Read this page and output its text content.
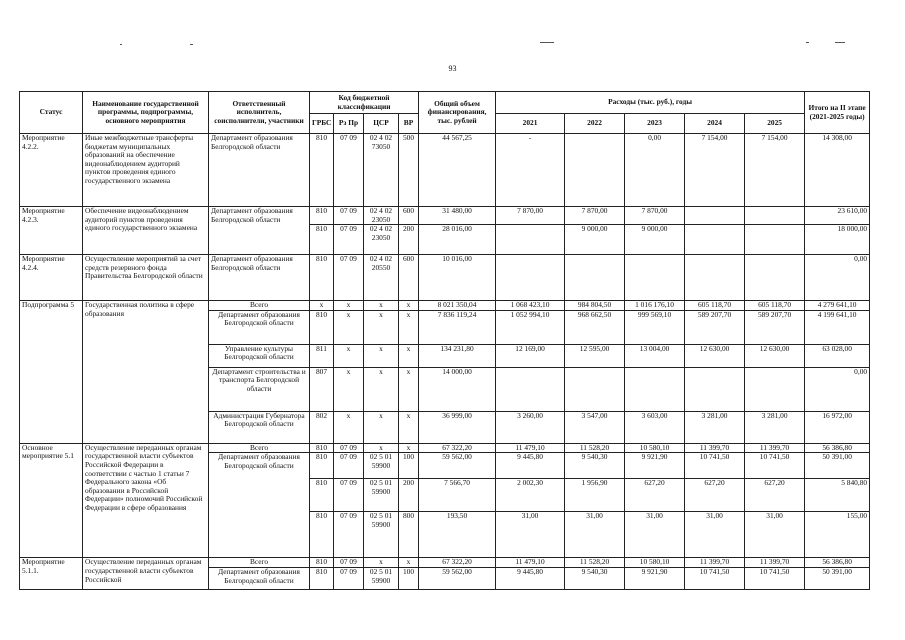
93
Статус	Наименование государственной программы, подпрограммы, основного мероприятия	Ответственный исполнитель, соисполнители, участники	Код бюджетной классификации				Общий объем финансирования, тыс. рублей	Расходы (тыс. руб.), годы					Итого на II этапе (2021-2025 годы)
			ГРБС	Рз Пр	ЦСР	ВР		2021	2022	2023	2024	2025	
Мероприятие 4.2.2.	Иные межбюджетные трансферты бюджетам муниципальных образований на обеспечение видеонаблюдением аудиторий пунктов проведения единого государственного экзамена	Департамент образования Белгородской области	810	07 09	02 4 02 73050	500	44 567,25	-		0,00	7 154,00	7 154,00	14 308,00
Мероприятие 4.2.3.	Обеспечение видеонаблюдением аудиторий пунктов проведения единого государственного экзамена	Департамент образования Белгородской области	810	07 09	02 4 02 23050	600	31 480,00	7 870,00	7 870,00	7 870,00			23 610,00
			810	07 09	02 4 02 23050	200	28 016,00		9 000,00	9 000,00			18 000,00
Мероприятие 4.2.4.	Осуществление мероприятий за счет средств резервного фонда Правительства Белгородской области	Департамент образования Белгородской области	810	07 09	02 4 02 20550	600	10 016,00						0,00
Подпрограмма 5	Государственная политика в сфере образования	Всего	x	x	x	x	8 021 350,04	1 068 423,10	984 804,50	1 016 176,10	605 118,70	605 118,70	4 279 641,10
		Департамент образования Белгородской области	810	x	x	x	7 836 119,24	1 052 994,10	968 662,50	999 569,10	589 207,70	589 207,70	4 199 641,10
		Управление культуры Белгородской области	811	x	x	x	134 231,80	12 169,00	12 595,00	13 004,00	12 630,00	12 630,00	63 028,00
		Департамент строительства и транспорта Белгородской области	807	x	x	x	14 000,00						0,00
		Администрация Губернатора Белгородской области	802	x	x	x	36 999,00	3 260,00	3 547,00	3 603,00	3 281,00	3 281,00	16 972,00
Основное мероприятие 5.1	Осуществление переданных органам государственной власти субъектов Российской Федерации в соответствии с частью 1 статьи 7 Федерального закона «Об образовании в Российской Федерации» полномочий Российской Федерации в сфере образования	Всего	810	07 09	x	x	67 322,20	11 479,10	11 528,20	10 580,10	11 399,70	11 399,70	56 386,80
		Департамент образования Белгородской области	810	07 09	02 5 01 59900	100	59 562,00	9 445,80	9 540,30	9 921,90	10 741,50	10 741,50	50 391,00
			810	07 09	02 5 01 59900	200	7 566,70	2 002,30	1 956,90	627,20	627,20	627,20	5 840,80
			810	07 09	02 5 01 59900	800	193,50	31,00	31,00	31,00	31,00	31,00	155,00
Мероприятие 5.1.1.	Осуществление переданных органам государственной власти субъектов Российской	Всего	810	07 09	x	x	67 322,20	11 479,10	11 528,20	10 580,10	11 399,70	11 399,70	56 386,80
		Департамент образования Белгородской области	810	07 09	02 5 01 59900	100	59 562,00	9 445,80	9 540,30	9 921,90	10 741,50	10 741,50	50 391,00
